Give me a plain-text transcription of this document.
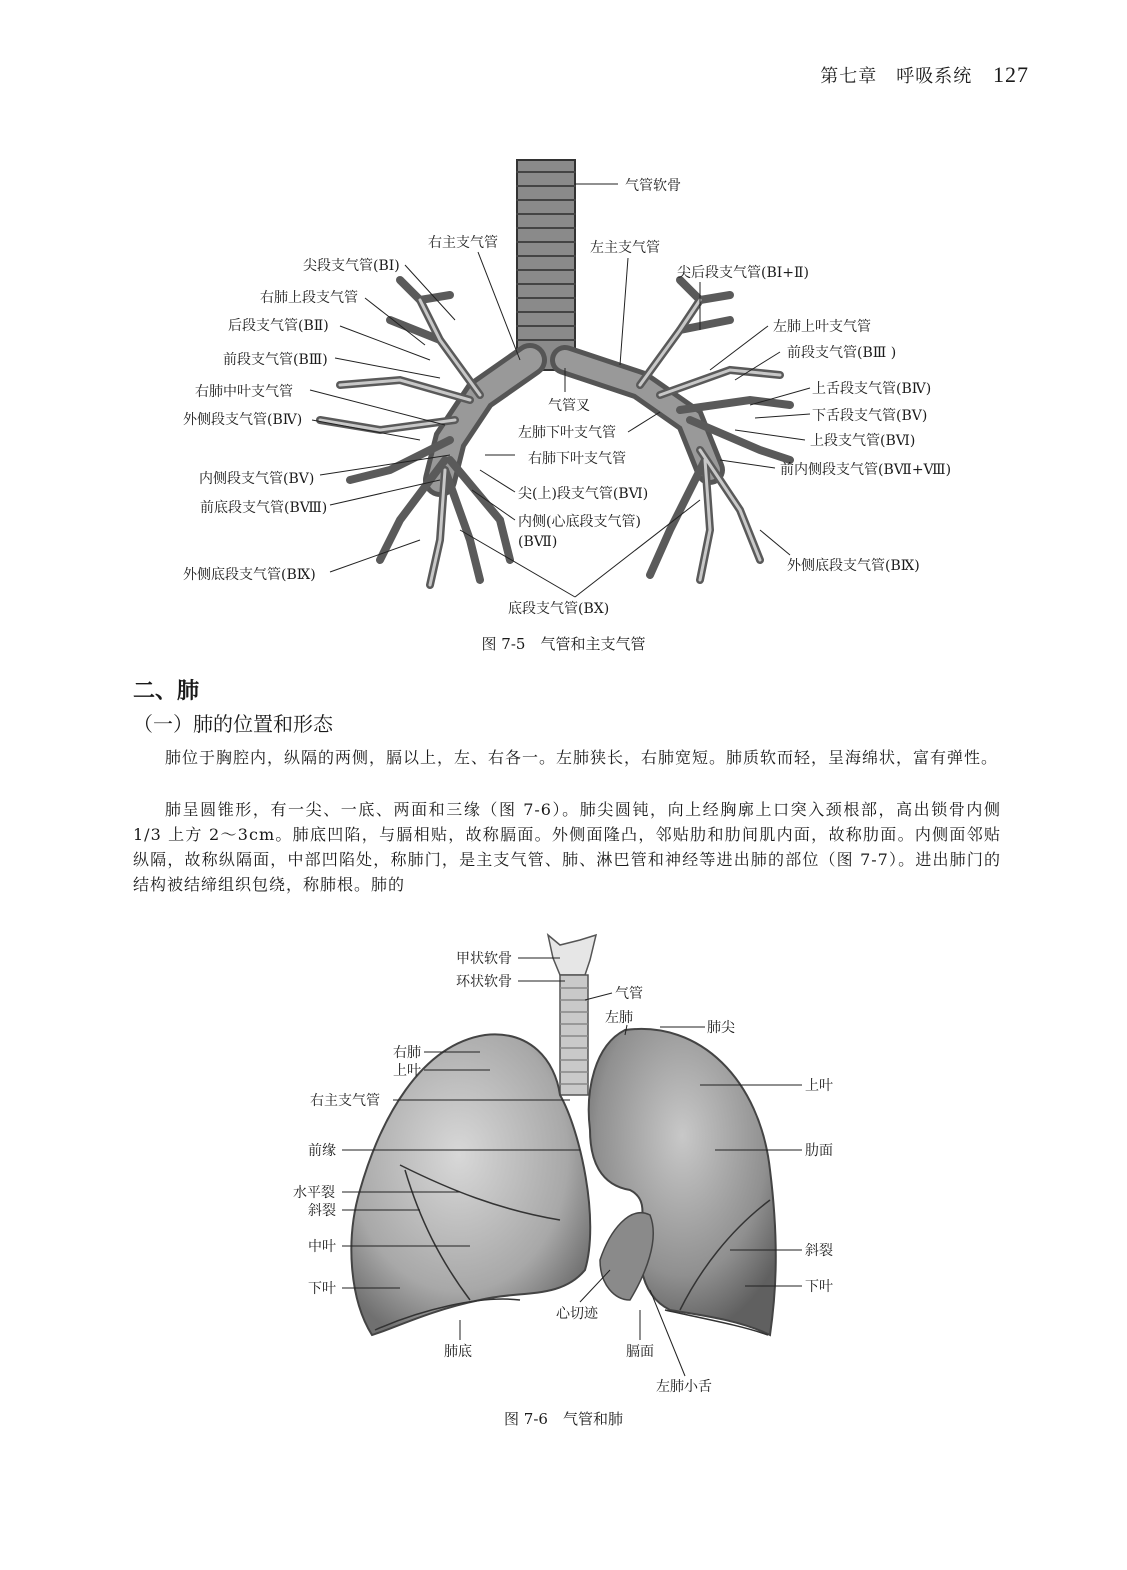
第七章　呼吸系统 127
气管软骨
右主支气管	左主支气管
尖段支气管(BⅠ)	尖后段支气管(BⅠ+Ⅱ)
右肺上段支气管
左肺上叶支气管
后段支气管(BⅡ)
前段支气管(BⅢ)	前段支气管(BⅢ )
右肺中叶支气管	上舌段支气管(BⅣ)
外侧段支气管(BⅣ)	下舌段支气管(BⅤ)
气管叉
上段支气管(BⅥ)
左肺下叶支气管
右肺下叶支气管
内侧段支气管(BⅤ)
前内侧段支气管(BⅦ+Ⅷ)
尖(上)段支气管(BⅥ)
前底段支气管(BⅧ)
内侧(心底段支气管)
(BⅦ)
外侧底段支气管(BⅨ)
外侧底段支气管(BⅨ)
底段支气管(BⅩ)
图 7-5　气管和主支气管
二、肺
（一）肺的位置和形态
肺位于胸腔内，纵隔的两侧，膈以上，左、右各一。左肺狭长，右肺宽短。肺质软而轻，呈海绵状，富有弹性。
肺呈圆锥形，有一尖、一底、两面和三缘（图 7-6）。肺尖圆钝，向上经胸廓上口突入颈根部，高出锁骨内侧 1/3 上方 2～3cm。肺底凹陷，与膈相贴，故称膈面。外侧面隆凸，邻贴肋和肋间肌内面，故称肋面。内侧面邻贴纵隔，故称纵隔面，中部凹陷处，称肺门，是主支气管、肺、淋巴管和神经等进出肺的部位（图 7-7）。进出肺门的结构被结缔组织包绕，称肺根。肺的
甲状软骨
环状软骨
气管
左肺
肺尖
右肺
上叶
上叶
右主支气管
前缘	肋面
水平裂
斜裂
中叶	斜裂
下叶	下叶
心切迹
肺底	膈面
左肺小舌
图 7-6　气管和肺
